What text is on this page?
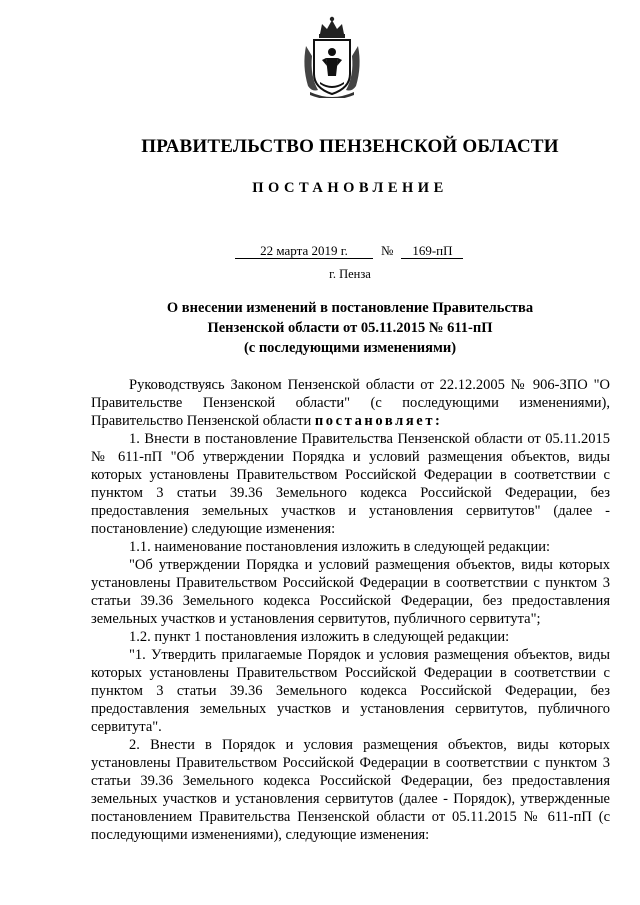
ПРАВИТЕЛЬСТВО ПЕНЗЕНСКОЙ ОБЛАСТИ
ПОСТАНОВЛЕНИЕ
22 марта 2019 г.	№ 169-пП
г. Пенза
О внесении изменений в постановление Правительства
Пензенской области от 05.11.2015 № 611-пП
(с последующими изменениями)

Руководствуясь Законом Пензенской области от 22.12.2005 № 906-ЗПО "О Правительстве Пензенской области" (с последующими изменениями), Правительство Пензенской области постановляет:

1. Внести в постановление Правительства Пензенской области от 05.11.2015 № 611-пП "Об утверждении Порядка и условий размещения объектов, виды которых установлены Правительством Российской Федерации в соответствии с пунктом 3 статьи 39.36 Земельного кодекса Российской Федерации, без предоставления земельных участков и установления сервитутов" (далее - постановление) следующие изменения:

1.1. наименование постановления изложить в следующей редакции:

"Об утверждении Порядка и условий размещения объектов, виды которых установлены Правительством Российской Федерации в соответствии с пунктом 3 статьи 39.36 Земельного кодекса Российской Федерации, без предоставления земельных участков и установления сервитутов, публичного сервитута";

1.2. пункт 1 постановления изложить в следующей редакции:

"1. Утвердить прилагаемые Порядок и условия размещения объектов, виды которых установлены Правительством Российской Федерации в соответствии с пунктом 3 статьи 39.36 Земельного кодекса Российской Федерации, без предоставления земельных участков и установления сервитутов, публичного сервитута".

2. Внести в Порядок и условия размещения объектов, виды которых установлены Правительством Российской Федерации в соответствии с пунктом 3 статьи 39.36 Земельного кодекса Российской Федерации, без предоставления земельных участков и установления сервитутов (далее - Порядок), утвержденные постановлением Правительства Пензенской области от 05.11.2015 № 611-пП (с последующими изменениями), следующие изменения:
